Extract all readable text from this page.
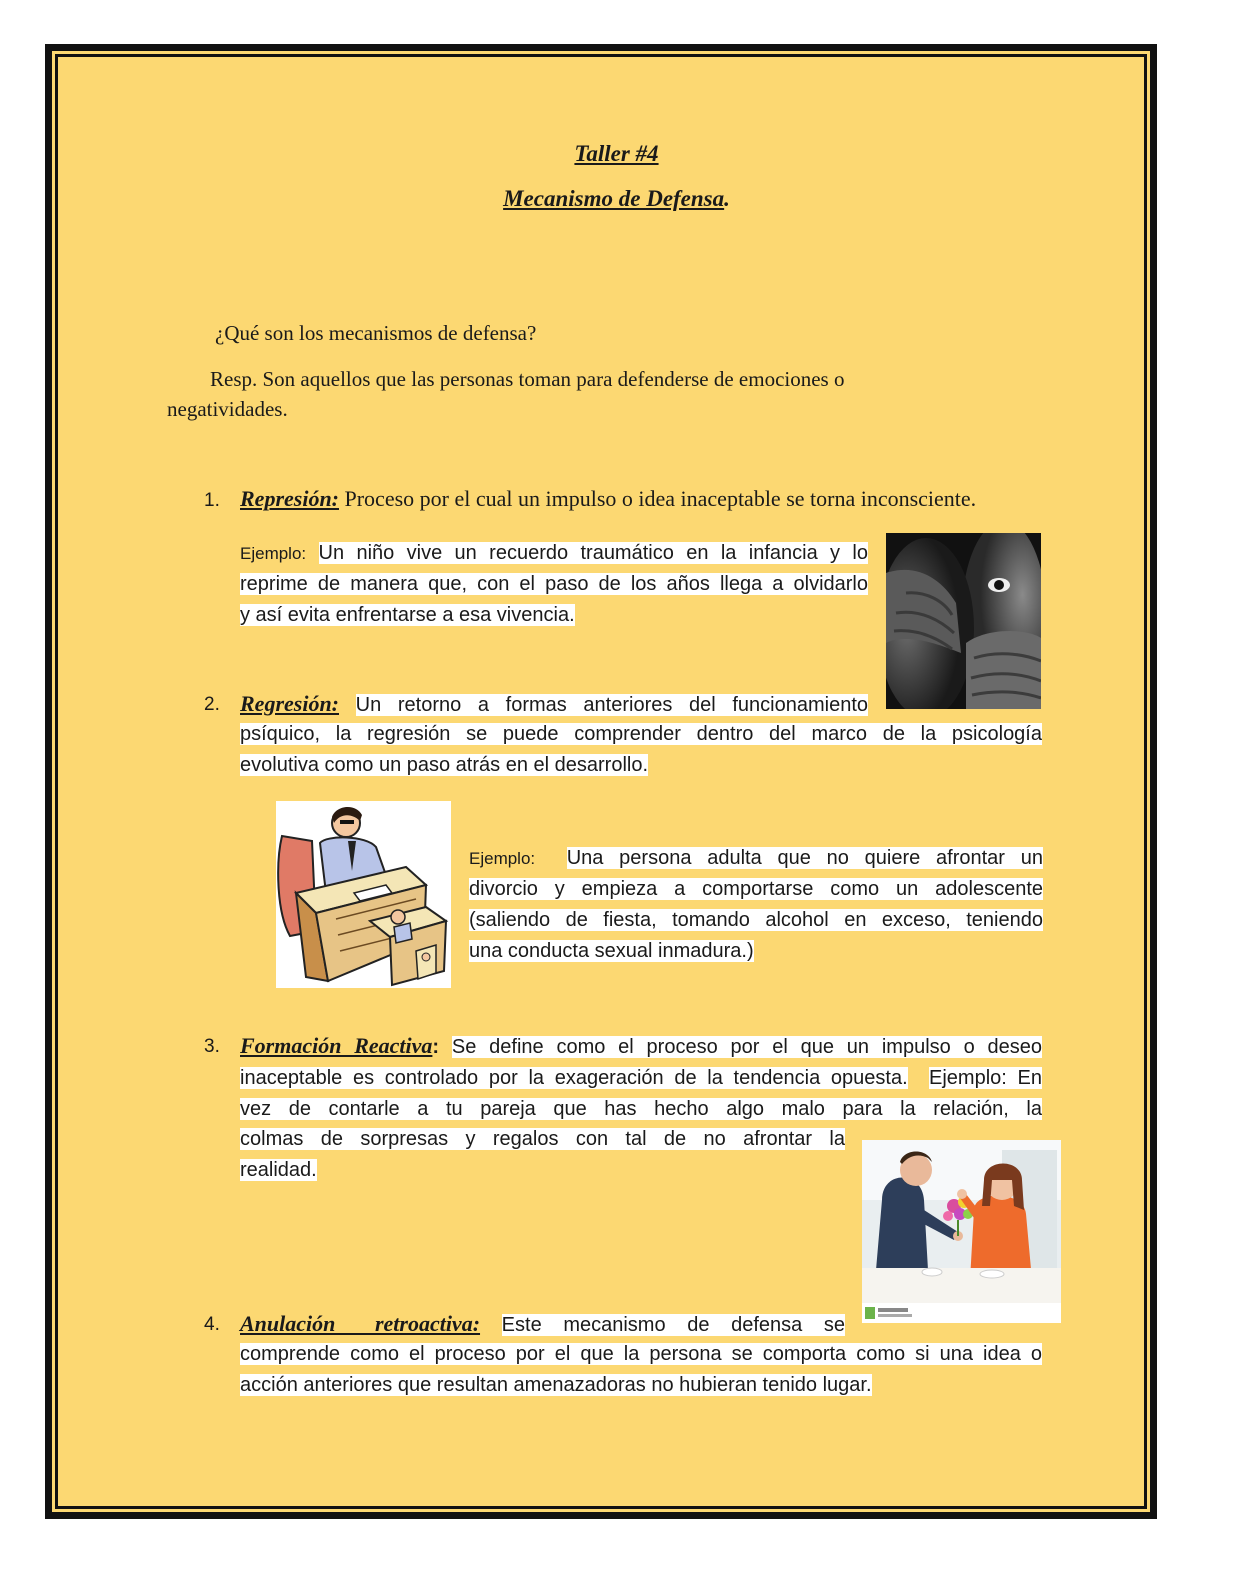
Taller #4
Mecanismo de Defensa.
¿Qué son los mecanismos de defensa?
Resp. Son aquellos que las personas toman para defenderse de emociones o
negatividades.
1. Represión: Proceso por el cual un impulso o idea inaceptable se torna inconsciente.
Ejemplo: Un niño vive un recuerdo traumático en la infancia y lo
reprime de manera que, con el paso de los años llega a olvidarlo
y así evita enfrentarse a esa vivencia.
2. Regresión: Un retorno a formas anteriores del funcionamiento
psíquico, la regresión se puede comprender dentro del marco de la psicología
evolutiva como un paso atrás en el desarrollo.
Ejemplo: Una persona adulta que no quiere afrontar un
divorcio y empieza a comportarse como un adolescente
(saliendo de fiesta, tomando alcohol en exceso, teniendo
una conducta sexual inmadura.)
3. Formación Reactiva: Se define como el proceso por el que un impulso o deseo
inaceptable es controlado por la exageración de la tendencia opuesta. Ejemplo: En
vez de contarle a tu pareja que has hecho algo malo para la relación, la
colmas de sorpresas y regalos con tal de no afrontar la
realidad.
4. Anulación retroactiva: Este mecanismo de defensa se
comprende como el proceso por el que la persona se comporta como si una idea o
acción anteriores que resultan amenazadoras no hubieran tenido lugar.
